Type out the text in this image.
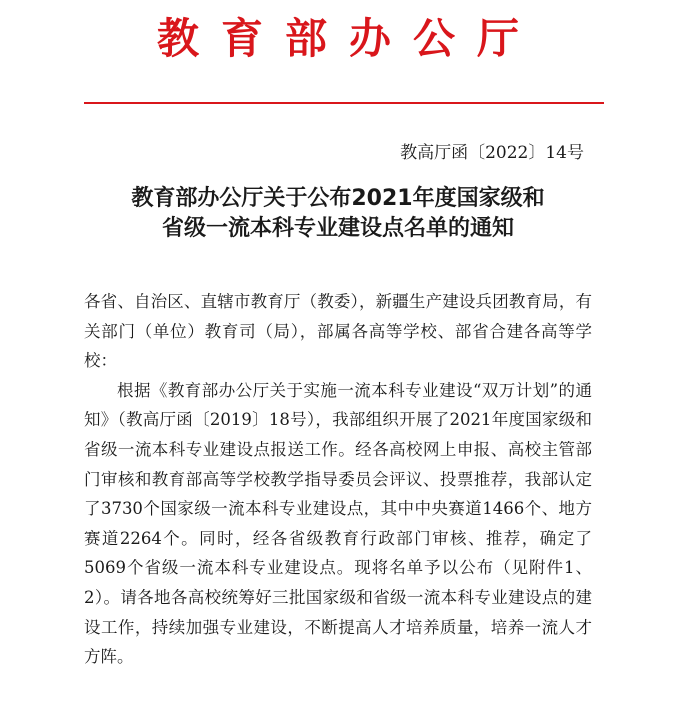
教育部办公厅
教高厅函〔2022〕14号
教育部办公厅关于公布2021年度国家级和
省级一流本科专业建设点名单的通知

各省、自治区、直辖市教育厅（教委），新疆生产建设兵团教育局，有关部门（单位）教育司（局），部属各高等学校、部省合建各高等学校：

根据《教育部办公厅关于实施一流本科专业建设“双万计划”的通知》（教高厅函〔2019〕18号），我部组织开展了2021年度国家级和省级一流本科专业建设点报送工作。经各高校网上申报、高校主管部门审核和教育部高等学校教学指导委员会评议、投票推荐，我部认定了3730个国家级一流本科专业建设点，其中中央赛道1466个、地方赛道2264个。同时，经各省级教育行政部门审核、推荐，确定了5069个省级一流本科专业建设点。现将名单予以公布（见附件1、2）。请各地各高校统筹好三批国家级和省级一流本科专业建设点的建设工作，持续加强专业建设，不断提高人才培养质量，培养一流人才方阵。
